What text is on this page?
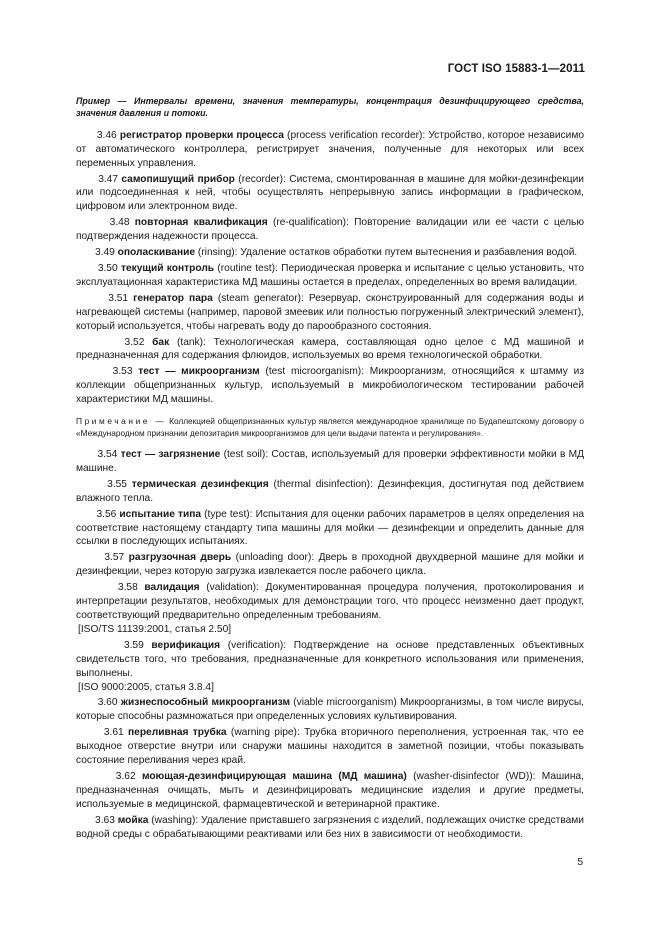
ГОСТ ISO 15883-1—2011
Пример — Интервалы времени, значения температуры, концентрация дезинфицирующего средства, значения давления и потоки.

3.46 регистратор проверки процесса (process verification recorder): Устройство, которое независимо от автоматического контроллера, регистрирует значения, полученные для некоторых или всех переменных управления.

3.47 самопишущий прибор (recorder): Система, смонтированная в машине для мойки-дезинфекции или подсоединенная к ней, чтобы осуществлять непрерывную запись информации в графическом, цифровом или электронном виде.

3.48 повторная квалификация (re-qualification): Повторение валидации или ее части с целью подтверждения надежности процесса.

3.49 ополаскивание (rinsing): Удаление остатков обработки путем вытеснения и разбавления водой.

3.50 текущий контроль (routine test): Периодическая проверка и испытание с целью установить, что эксплуатационная характеристика МД машины остается в пределах, определенных во время валидации.

3.51 генератор пара (steam generator): Резервуар, сконструированный для содержания воды и нагревающей системы (например, паровой змеевик или полностью погруженный электрический элемент), который используется, чтобы нагревать воду до парообразного состояния.

3.52 бак (tank): Технологическая камера, составляющая одно целое с МД машиной и предназначенная для содержания флюидов, используемых во время технологической обработки.

3.53 тест — микроорганизм (test microorganism): Микроорганизм, относящийся к штамму из коллекции общепризнанных культур, используемый в микробиологическом тестировании рабочей характеристики МД машины.

Примечание — Коллекцией общепризнанных культур является международное хранилище по Будапештскому договору о «Международном признании депозитария микроорганизмов для цели выдачи патента и регулирования».

3.54 тест — загрязнение (test soil): Состав, используемый для проверки эффективности мойки в МД машине.

3.55 термическая дезинфекция (thermal disinfection): Дезинфекция, достигнутая под действием влажного тепла.

3.56 испытание типа (type test): Испытания для оценки рабочих параметров в целях определения на соответствие настоящему стандарту типа машины для мойки — дезинфекции и определить данные для ссылки в последующих испытаниях.

3.57 разгрузочная дверь (unloading door): Дверь в проходной двухдверной машине для мойки и дезинфекции, через которую загрузка извлекается после рабочего цикла.

3.58 валидация (validation): Документированная процедура получения, протоколирования и интерпретации результатов, необходимых для демонстрации того, что процесс неизменно дает продукт, соответствующий предварительно определенным требованиям.

[ISO/TS 11139:2001, статья 2.50]

3.59 верификация (verification): Подтверждение на основе представленных объективных свидетельств того, что требования, предназначенные для конкретного использования или применения, выполнены.

[ISO 9000:2005, статья 3.8.4]

3.60 жизнеспособный микроорганизм (viable microorganism) Микроорганизмы, в том числе вирусы, которые способны размножаться при определенных условиях культивирования.

3.61 переливная трубка (warning pipe): Трубка вторичного переполнения, устроенная так, что ее выходное отверстие внутри или снаружи машины находится в заметной позиции, чтобы показывать состояние переливания через край.

3.62 моющая-дезинфицирующая машина (МД машина) (washer-disinfector (WD)): Машина, предназначенная очищать, мыть и дезинфицировать медицинские изделия и другие предметы, используемые в медицинской, фармацевтической и ветеринарной практике.

3.63 мойка (washing): Удаление приставшего загрязнения с изделий, подлежащих очистке средствами водной среды с обрабатывающими реактивами или без них в зависимости от необходимости.

5
